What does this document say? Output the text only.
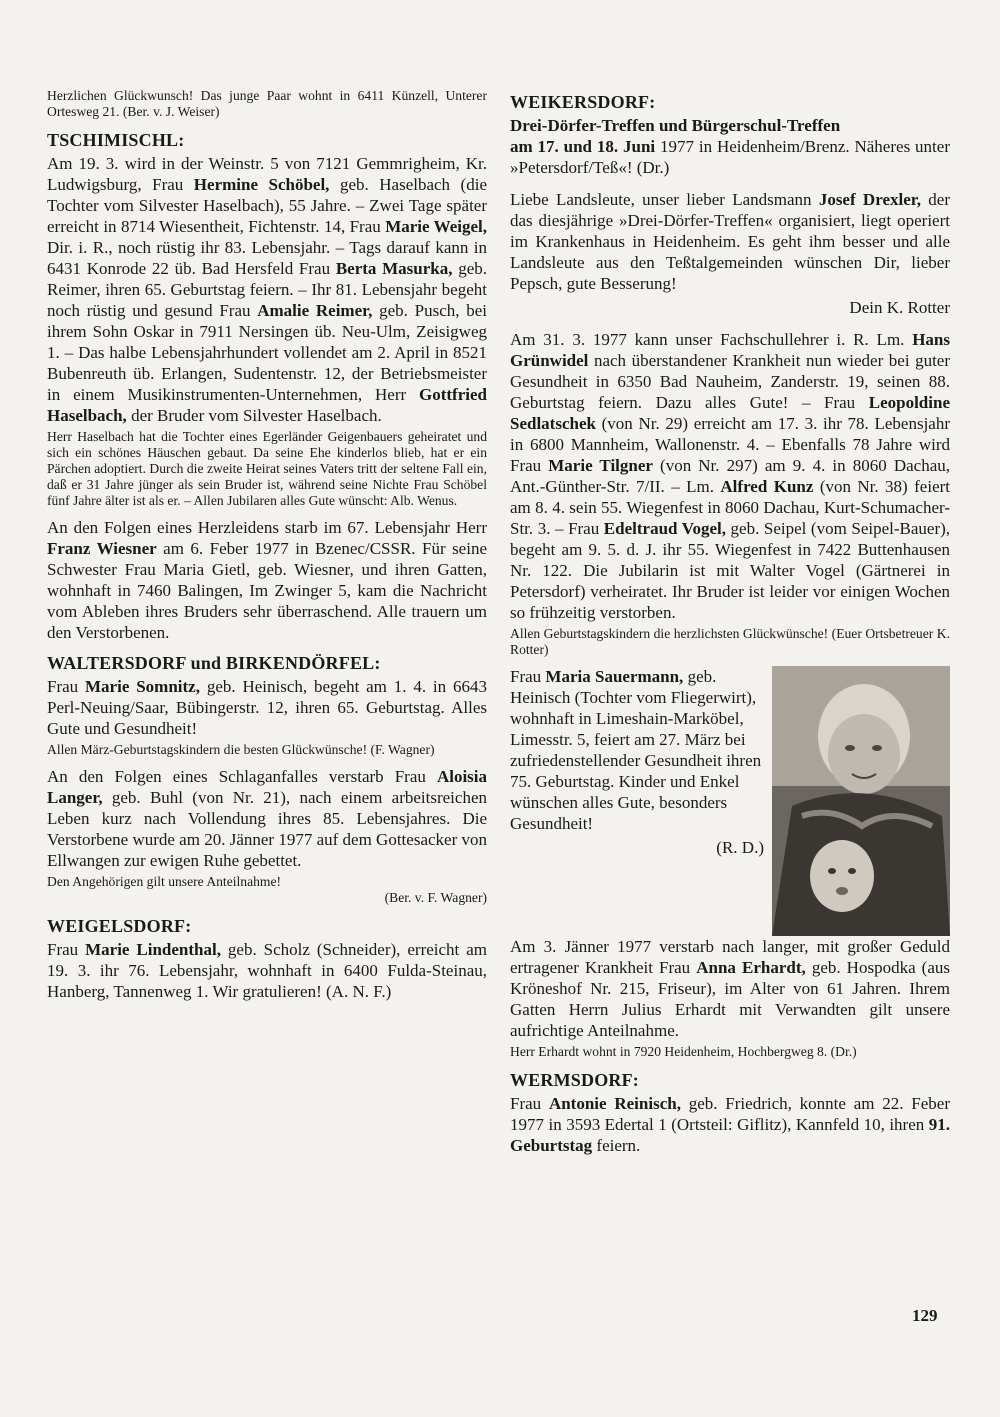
Herzlichen Glückwunsch! Das junge Paar wohnt in 6411 Künzell, Unterer Ortesweg 21. (Ber. v. J. Weiser)

TSCHIMISCHL:

Am 19. 3. wird in der Weinstr. 5 von 7121 Gemmrigheim, Kr. Ludwigsburg, Frau Hermine Schöbel, geb. Haselbach (die Tochter vom Silvester Haselbach), 55 Jahre. – Zwei Tage später erreicht in 8714 Wiesentheit, Fichtenstr. 14, Frau Marie Weigel, Dir. i. R., noch rüstig ihr 83. Lebensjahr. – Tags darauf kann in 6431 Konrode 22 üb. Bad Hersfeld Frau Berta Masurka, geb. Reimer, ihren 65. Geburtstag feiern. – Ihr 81. Lebensjahr begeht noch rüstig und gesund Frau Amalie Reimer, geb. Pusch, bei ihrem Sohn Oskar in 7911 Nersingen üb. Neu-Ulm, Zeisigweg 1. – Das halbe Lebensjahrhundert vollendet am 2. April in 8521 Bubenreuth üb. Erlangen, Sudentenstr. 12, der Betriebsmeister in einem Musikinstrumenten-Unternehmen, Herr Gottfried Haselbach, der Bruder vom Silvester Haselbach.

Herr Haselbach hat die Tochter eines Egerländer Geigenbauers geheiratet und sich ein schönes Häuschen gebaut. Da seine Ehe kinderlos blieb, hat er ein Pärchen adoptiert. Durch die zweite Heirat seines Vaters tritt der seltene Fall ein, daß er 31 Jahre jünger als sein Bruder ist, während seine Nichte Frau Schöbel fünf Jahre älter ist als er. – Allen Jubilaren alles Gute wünscht: Alb. Wenus.

An den Folgen eines Herzleidens starb im 67. Lebensjahr Herr Franz Wiesner am 6. Feber 1977 in Bzenec/CSSR. Für seine Schwester Frau Maria Gietl, geb. Wiesner, und ihren Gatten, wohnhaft in 7460 Balingen, Im Zwinger 5, kam die Nachricht vom Ableben ihres Bruders sehr überraschend. Alle trauern um den Verstorbenen.

WALTERSDORF und BIRKENDÖRFEL:

Frau Marie Somnitz, geb. Heinisch, begeht am 1. 4. in 6643 Perl-Neuing/Saar, Bübingerstr. 12, ihren 65. Geburtstag. Alles Gute und Gesundheit!

Allen März-Geburtstagskindern die besten Glückwünsche! (F. Wagner)

An den Folgen eines Schlaganfalles verstarb Frau Aloisia Langer, geb. Buhl (von Nr. 21), nach einem arbeitsreichen Leben kurz nach Vollendung ihres 85. Lebensjahres. Die Verstorbene wurde am 20. Jänner 1977 auf dem Gottesacker von Ellwangen zur ewigen Ruhe gebettet.

Den Angehörigen gilt unsere Anteilnahme!

(Ber. v. F. Wagner)

WEIGELSDORF:

Frau Marie Lindenthal, geb. Scholz (Schneider), erreicht am 19. 3. ihr 76. Lebensjahr, wohnhaft in 6400 Fulda-Steinau, Hanberg, Tannenweg 1. Wir gratulieren! (A. N. F.)

WEIKERSDORF:

Drei-Dörfer-Treffen und Bürgerschul-Treffen

am 17. und 18. Juni 1977 in Heidenheim/Brenz. Näheres unter »Petersdorf/Teß«! (Dr.)

Liebe Landsleute, unser lieber Landsmann Josef Drexler, der das diesjährige »Drei-Dörfer-Treffen« organisiert, liegt operiert im Krankenhaus in Heidenheim. Es geht ihm besser und alle Landsleute aus den Teßtalgemeinden wünschen Dir, lieber Pepsch, gute Besserung!

Dein K. Rotter

Am 31. 3. 1977 kann unser Fachschullehrer i. R. Lm. Hans Grünwidel nach überstandener Krankheit nun wieder bei guter Gesundheit in 6350 Bad Nauheim, Zanderstr. 19, seinen 88. Geburtstag feiern. Dazu alles Gute! – Frau Leopoldine Sedlatschek (von Nr. 29) erreicht am 17. 3. ihr 78. Lebensjahr in 6800 Mannheim, Wallonenstr. 4. – Ebenfalls 78 Jahre wird Frau Marie Tilgner (von Nr. 297) am 9. 4. in 8060 Dachau, Ant.-Günther-Str. 7/II. – Lm. Alfred Kunz (von Nr. 38) feiert am 8. 4. sein 55. Wiegenfest in 8060 Dachau, Kurt-Schumacher-Str. 3. – Frau Edeltraud Vogel, geb. Seipel (vom Seipel-Bauer), begeht am 9. 5. d. J. ihr 55. Wiegenfest in 7422 Buttenhausen Nr. 122. Die Jubilarin ist mit Walter Vogel (Gärtnerei in Petersdorf) verheiratet. Ihr Bruder ist leider vor einigen Wochen so frühzeitig verstorben.

Allen Geburtstagskindern die herzlichsten Glückwünsche! (Euer Ortsbetreuer K. Rotter)

Frau Maria Sauermann, geb. Heinisch (Tochter vom Fliegerwirt), wohnhaft in Limeshain-Marköbel, Limesstr. 5, feiert am 27. März bei zufriedenstellender Gesundheit ihren 75. Geburtstag. Kinder und Enkel wünschen alles Gute, besonders Gesundheit!

(R. D.)

Am 3. Jänner 1977 verstarb nach langer, mit großer Geduld ertragener Krankheit Frau Anna Erhardt, geb. Hospodka (aus Kröneshof Nr. 215, Friseur), im Alter von 61 Jahren. Ihrem Gatten Herrn Julius Erhardt mit Verwandten gilt unsere aufrichtige Anteilnahme.

Herr Erhardt wohnt in 7920 Heidenheim, Hochbergweg 8. (Dr.)

WERMSDORF:

Frau Antonie Reinisch, geb. Friedrich, konnte am 22. Feber 1977 in 3593 Edertal 1 (Ortsteil: Giflitz), Kannfeld 10, ihren 91. Geburtstag feiern.

129
